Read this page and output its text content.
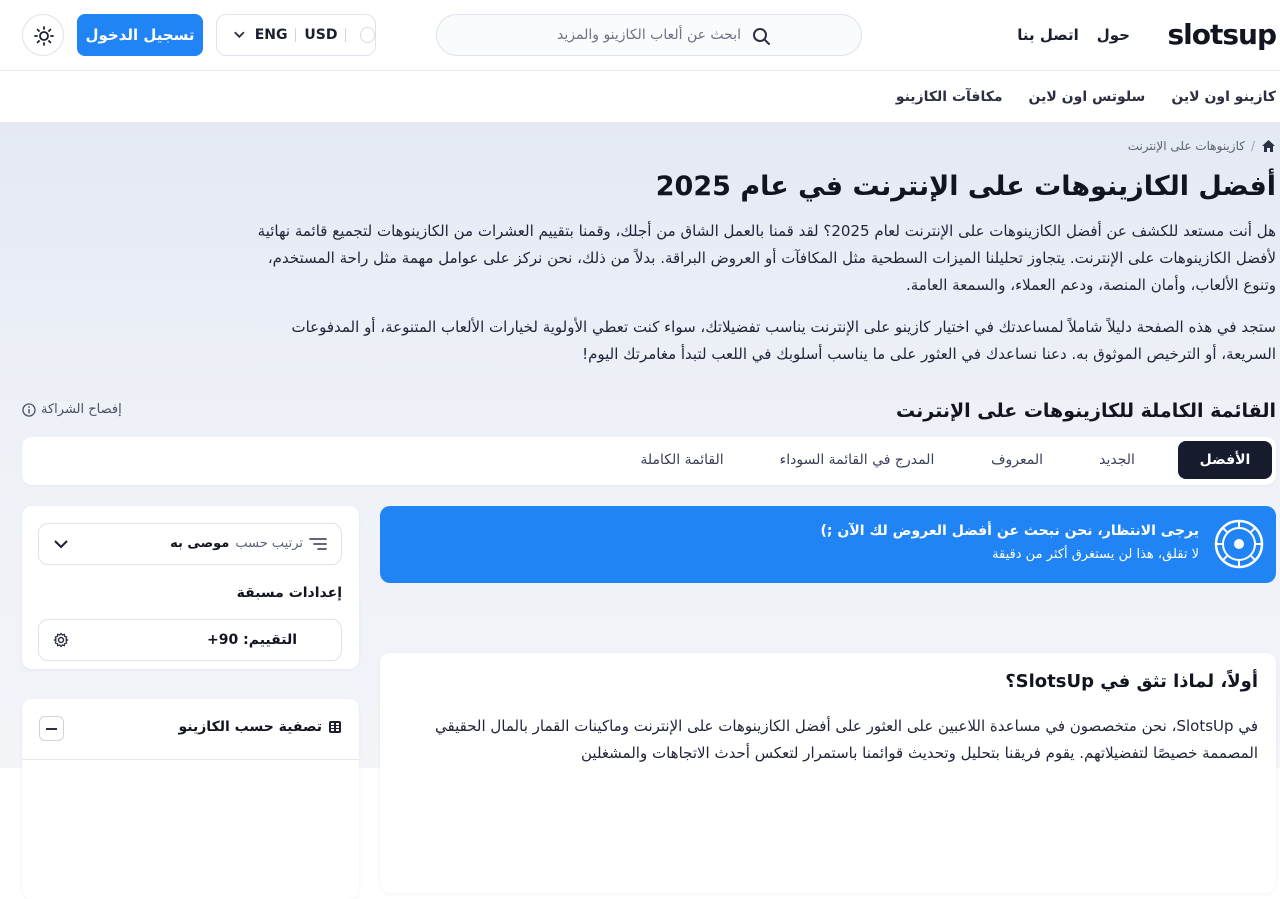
slotsup
حول
اتصل بنا
ابحث عن ألعاب الكازينو والمزيد
ENG USD
تسجيل الدخول
كازينو اون لاين
سلوتس اون لاين
مكافآت الكازينو
/
كازينوهات على الإنترنت
أفضل الكازينوهات على الإنترنت في عام 2025

هل أنت مستعد للكشف عن أفضل الكازينوهات على الإنترنت لعام 2025؟ لقد قمنا بالعمل الشاق من أجلك، وقمنا بتقييم العشرات من الكازينوهات لتجميع قائمة نهائية لأفضل الكازينوهات على الإنترنت. يتجاوز تحليلنا الميزات السطحية مثل المكافآت أو العروض البراقة. بدلاً من ذلك، نحن نركز على عوامل مهمة مثل راحة المستخدم، وتنوع الألعاب، وأمان المنصة، ودعم العملاء، والسمعة العامة.

ستجد في هذه الصفحة دليلاً شاملاً لمساعدتك في اختيار كازينو على الإنترنت يناسب تفضيلاتك، سواء كنت تعطي الأولوية لخيارات الألعاب المتنوعة، أو المدفوعات السريعة، أو الترخيص الموثوق به. دعنا نساعدك في العثور على ما يناسب أسلوبك في اللعب لتبدأ مغامرتك اليوم!

القائمة الكاملة للكازينوهات على الإنترنت
إفصاح الشراكة
الأفضل
الجديد
المعروف
المدرج في القائمة السوداء
القائمة الكاملة
يرجى الانتظار، نحن نبحث عن أفضل العروض لك الآن ;)
لا تقلق، هذا لن يستغرق أكثر من دقيقة
أولاً، لماذا تثق في SlotsUp؟
في SlotsUp، نحن متخصصون في مساعدة اللاعبين على العثور على أفضل الكازينوهات على الإنترنت وماكينات القمار بالمال الحقيقي المصممة خصيصًا لتفضيلاتهم. يقوم فريقنا بتحليل وتحديث قوائمنا باستمرار لتعكس أحدث الاتجاهات والمشغلين
ترتيب حسب
موصى به
إعدادات مسبقة
التقييم: 90+
تصفية حسب الكازينو
